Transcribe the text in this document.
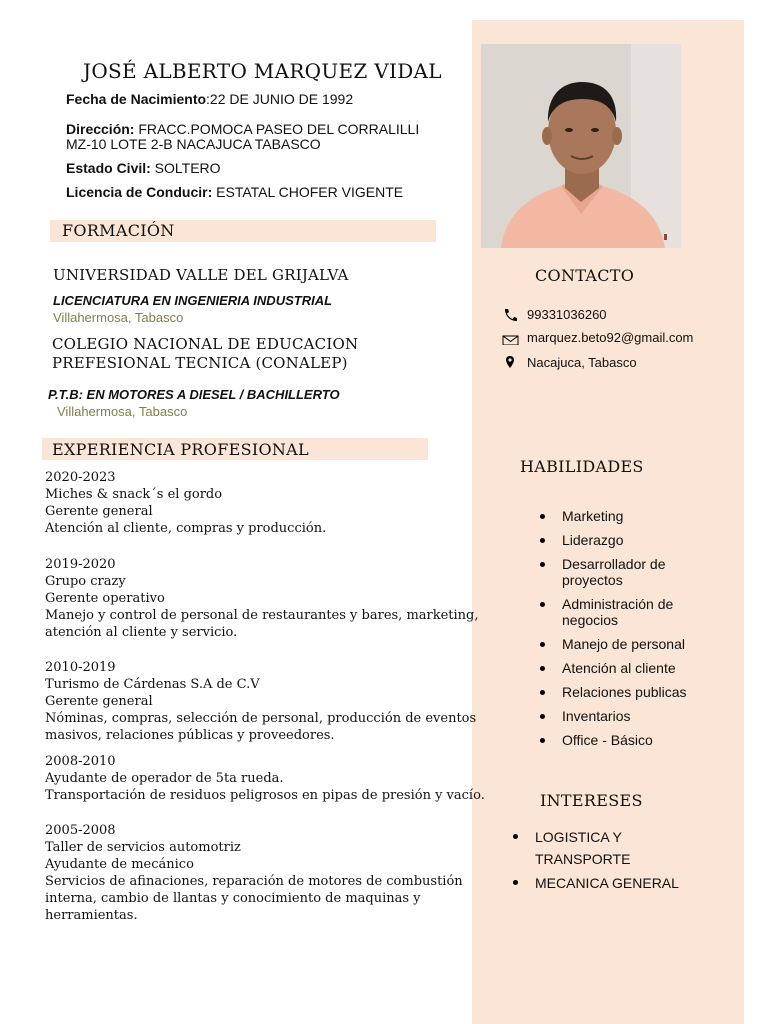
JOSÉ ALBERTO MARQUEZ VIDAL
Fecha de Nacimiento:22 DE JUNIO DE 1992
Dirección: FRACC.POMOCA PASEO DEL CORRALILLI
MZ-10 LOTE 2-B NACAJUCA TABASCO
Estado Civil: SOLTERO
Licencia de Conducir: ESTATAL CHOFER VIGENTE
FORMACIÓN
UNIVERSIDAD VALLE DEL GRIJALVA
LICENCIATURA EN INGENIERIA INDUSTRIAL
Villahermosa, Tabasco
COLEGIO NACIONAL DE EDUCACION
PREFESIONAL TECNICA (CONALEP)
P.T.B: EN MOTORES A DIESEL / BACHILLERTO
Villahermosa, Tabasco
EXPERIENCIA PROFESIONAL
2020-2023
Miches & snack´s el gordo
Gerente general
Atención al cliente, compras y producción.
2019-2020
Grupo crazy
Gerente operativo
Manejo y control de personal de restaurantes y bares, marketing,
atención al cliente y servicio.
2010-2019
Turismo de Cárdenas S.A de C.V
Gerente general
Nóminas, compras, selección de personal, producción de eventos
masivos, relaciones públicas y proveedores.
2008-2010
Ayudante de operador de 5ta rueda.
Transportación de residuos peligrosos en pipas de presión y vacío.
2005-2008
Taller de servicios automotriz
Ayudante de mecánico
Servicios de afinaciones, reparación de motores de combustión
interna, cambio de llantas y conocimiento de maquinas y
herramientas.
CONTACTO
99331036260
marquez.beto92@gmail.com
Nacajuca, Tabasco
HABILIDADES
Marketing
Liderazgo
Desarrollador de
proyectos
Administración de
negocios
Manejo de personal
Atención al cliente
Relaciones publicas
Inventarios
Office - Básico
INTERESES
LOGISTICA Y
TRANSPORTE
MECANICA GENERAL
